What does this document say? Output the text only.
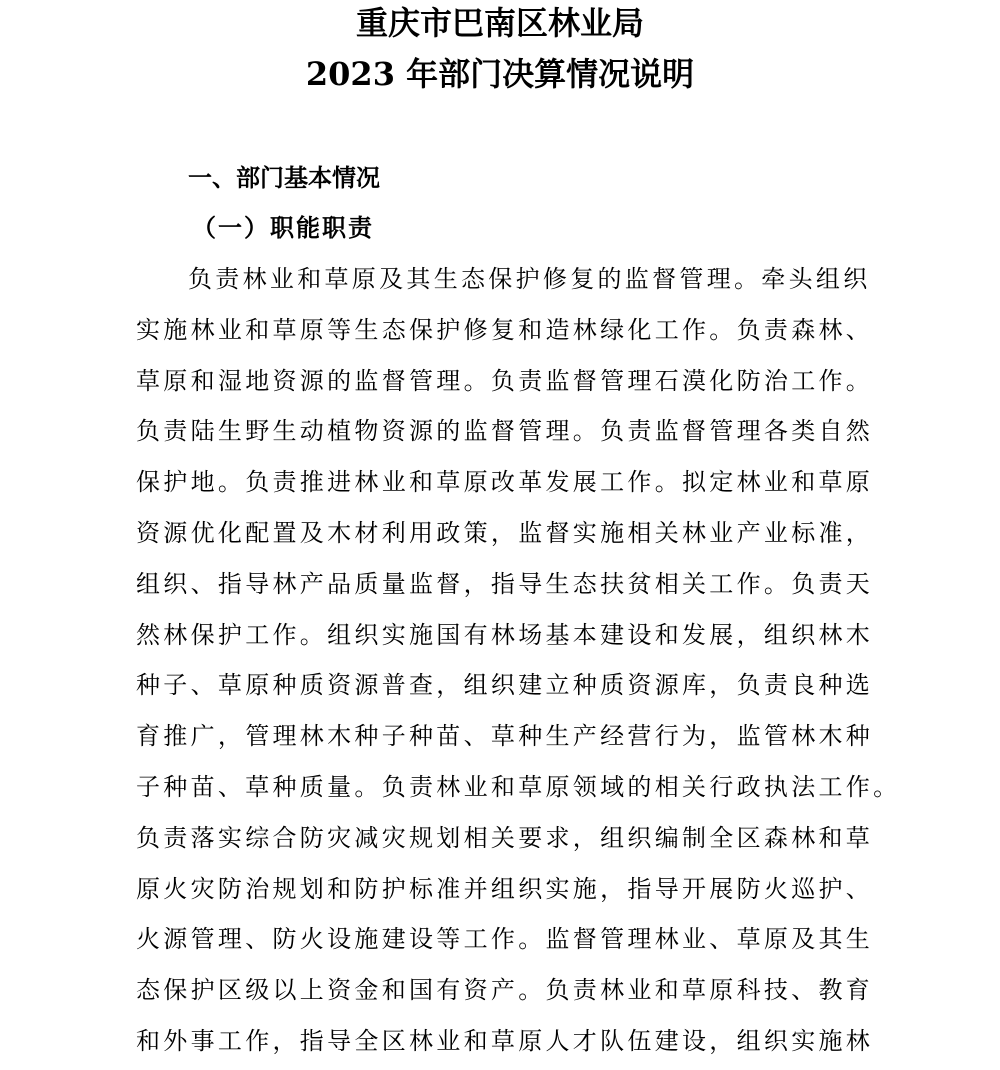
重庆市巴南区林业局
2023 年部门决算情况说明
一、部门基本情况
（一）职能职责
负责林业和草原及其生态保护修复的监督管理。牵头组织
实施林业和草原等生态保护修复和造林绿化工作。负责森林、
草原和湿地资源的监督管理。负责监督管理石漠化防治工作。
负责陆生野生动植物资源的监督管理。负责监督管理各类自然
保护地。负责推进林业和草原改革发展工作。拟定林业和草原
资源优化配置及木材利用政策，监督实施相关林业产业标准，
组织、指导林产品质量监督，指导生态扶贫相关工作。负责天
然林保护工作。组织实施国有林场基本建设和发展，组织林木
种子、草原种质资源普查，组织建立种质资源库，负责良种选
育推广，管理林木种子种苗、草种生产经营行为，监管林木种
子种苗、草种质量。负责林业和草原领域的相关行政执法工作。
负责落实综合防灾减灾规划相关要求，组织编制全区森林和草
原火灾防治规划和防护标准并组织实施，指导开展防火巡护、
火源管理、防火设施建设等工作。监督管理林业、草原及其生
态保护区级以上资金和国有资产。负责林业和草原科技、教育
和外事工作，指导全区林业和草原人才队伍建设，组织实施林
